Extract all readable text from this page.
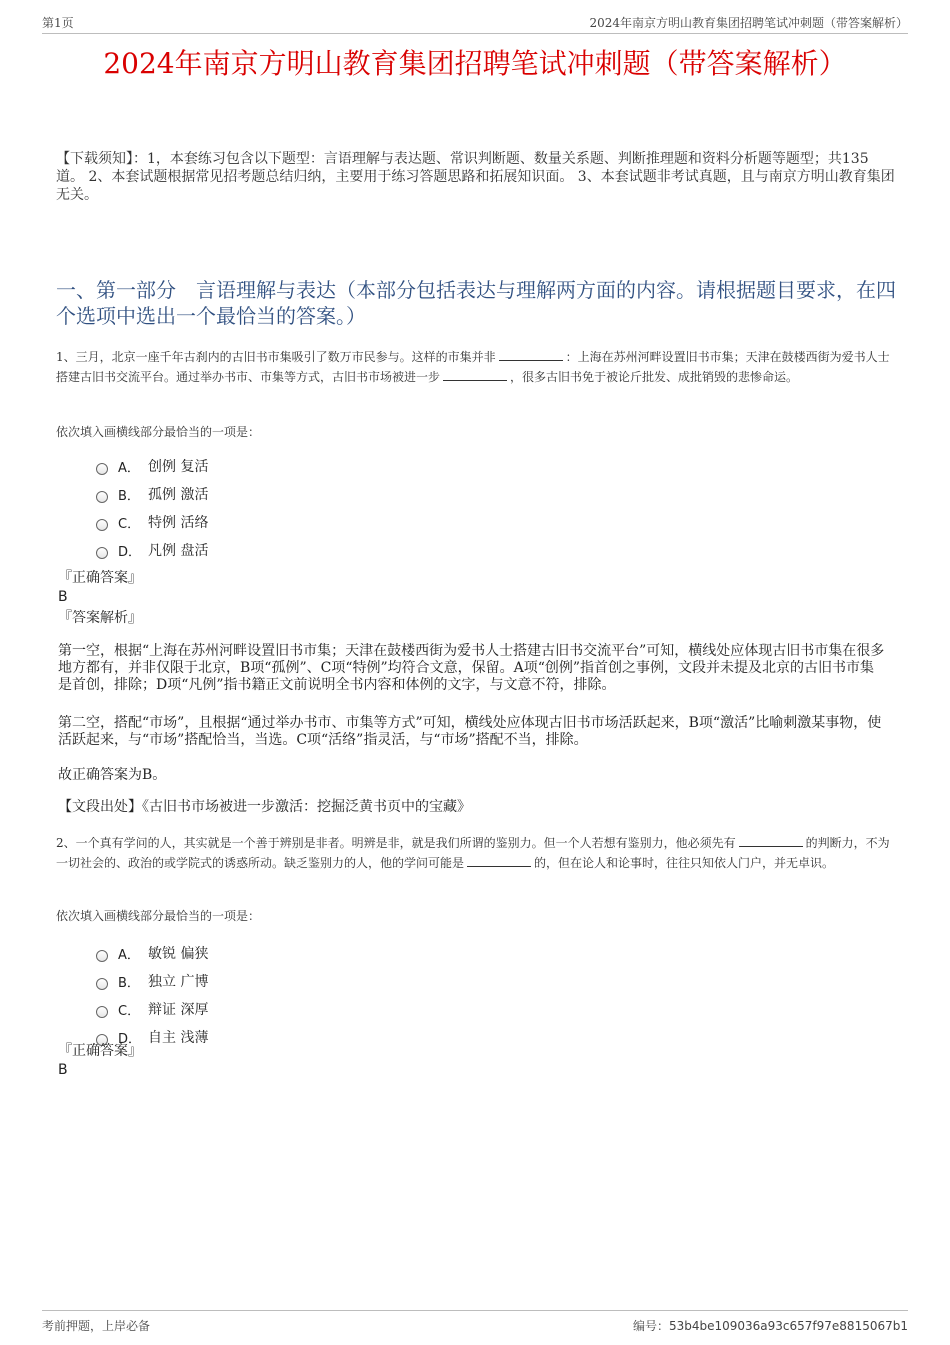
第1页	2024年南京方明山教育集团招聘笔试冲刺题（带答案解析）
2024年南京方明山教育集团招聘笔试冲刺题（带答案解析）
【下载须知】：1，本套练习包含以下题型：言语理解与表达题、常识判断题、数量关系题、判断推理题和资料分析题等题型；共135道。 2、本套试题根据常见招考题总结归纳，主要用于练习答题思路和拓展知识面。 3、本套试题非考试真题，且与南京方明山教育集团无关。
一、第一部分　言语理解与表达（本部分包括表达与理解两方面的内容。请根据题目要求，在四个选项中选出一个最恰当的答案。）
1、三月，北京一座千年古刹内的古旧书市集吸引了数万市民参与。这样的市集并非	：上海在苏州河畔设置旧书市集；天津在鼓楼西街为爱书人士搭建古旧书交流平台。通过举办书市、市集等方式，古旧书市场被进一步	，很多古旧书免于被论斤批发、成批销毁的悲惨命运。
依次填入画横线部分最恰当的一项是：
A． 创例 复活
B． 孤例 激活
C． 特例 活络
D． 凡例 盘活
『正确答案』
B
『答案解析』
第一空，根据“上海在苏州河畔设置旧书市集；天津在鼓楼西街为爱书人士搭建古旧书交流平台”可知，横线处应体现古旧书市集在很多地方都有，并非仅限于北京，B项“孤例”、C项“特例”均符合文意，保留。A项“创例”指首创之事例，文段并未提及北京的古旧书市集是首创，排除；D项“凡例”指书籍正文前说明全书内容和体例的文字，与文意不符，排除。
第二空，搭配“市场”，且根据“通过举办书市、市集等方式”可知，横线处应体现古旧书市场活跃起来，B项“激活”比喻刺激某事物，使活跃起来，与“市场”搭配恰当，当选。C项“活络”指灵活，与“市场”搭配不当，排除。
故正确答案为B。
【文段出处】《古旧书市场被进一步激活：挖掘泛黄书页中的宝藏》
2、一个真有学问的人，其实就是一个善于辨别是非者。明辨是非，就是我们所谓的鉴别力。但一个人若想有鉴别力，他必须先有	的判断力，不为一切社会的、政治的或学院式的诱惑所动。缺乏鉴别力的人，他的学问可能是	的，但在论人和论事时，往往只知依人门户，并无卓识。
依次填入画横线部分最恰当的一项是：
A． 敏锐 偏狭
B． 独立 广博
C． 辩证 深厚
D． 自主 浅薄
『正确答案』
B
考前押题，上岸必备	编号：53b4be109036a93c657f97e8815067b1
